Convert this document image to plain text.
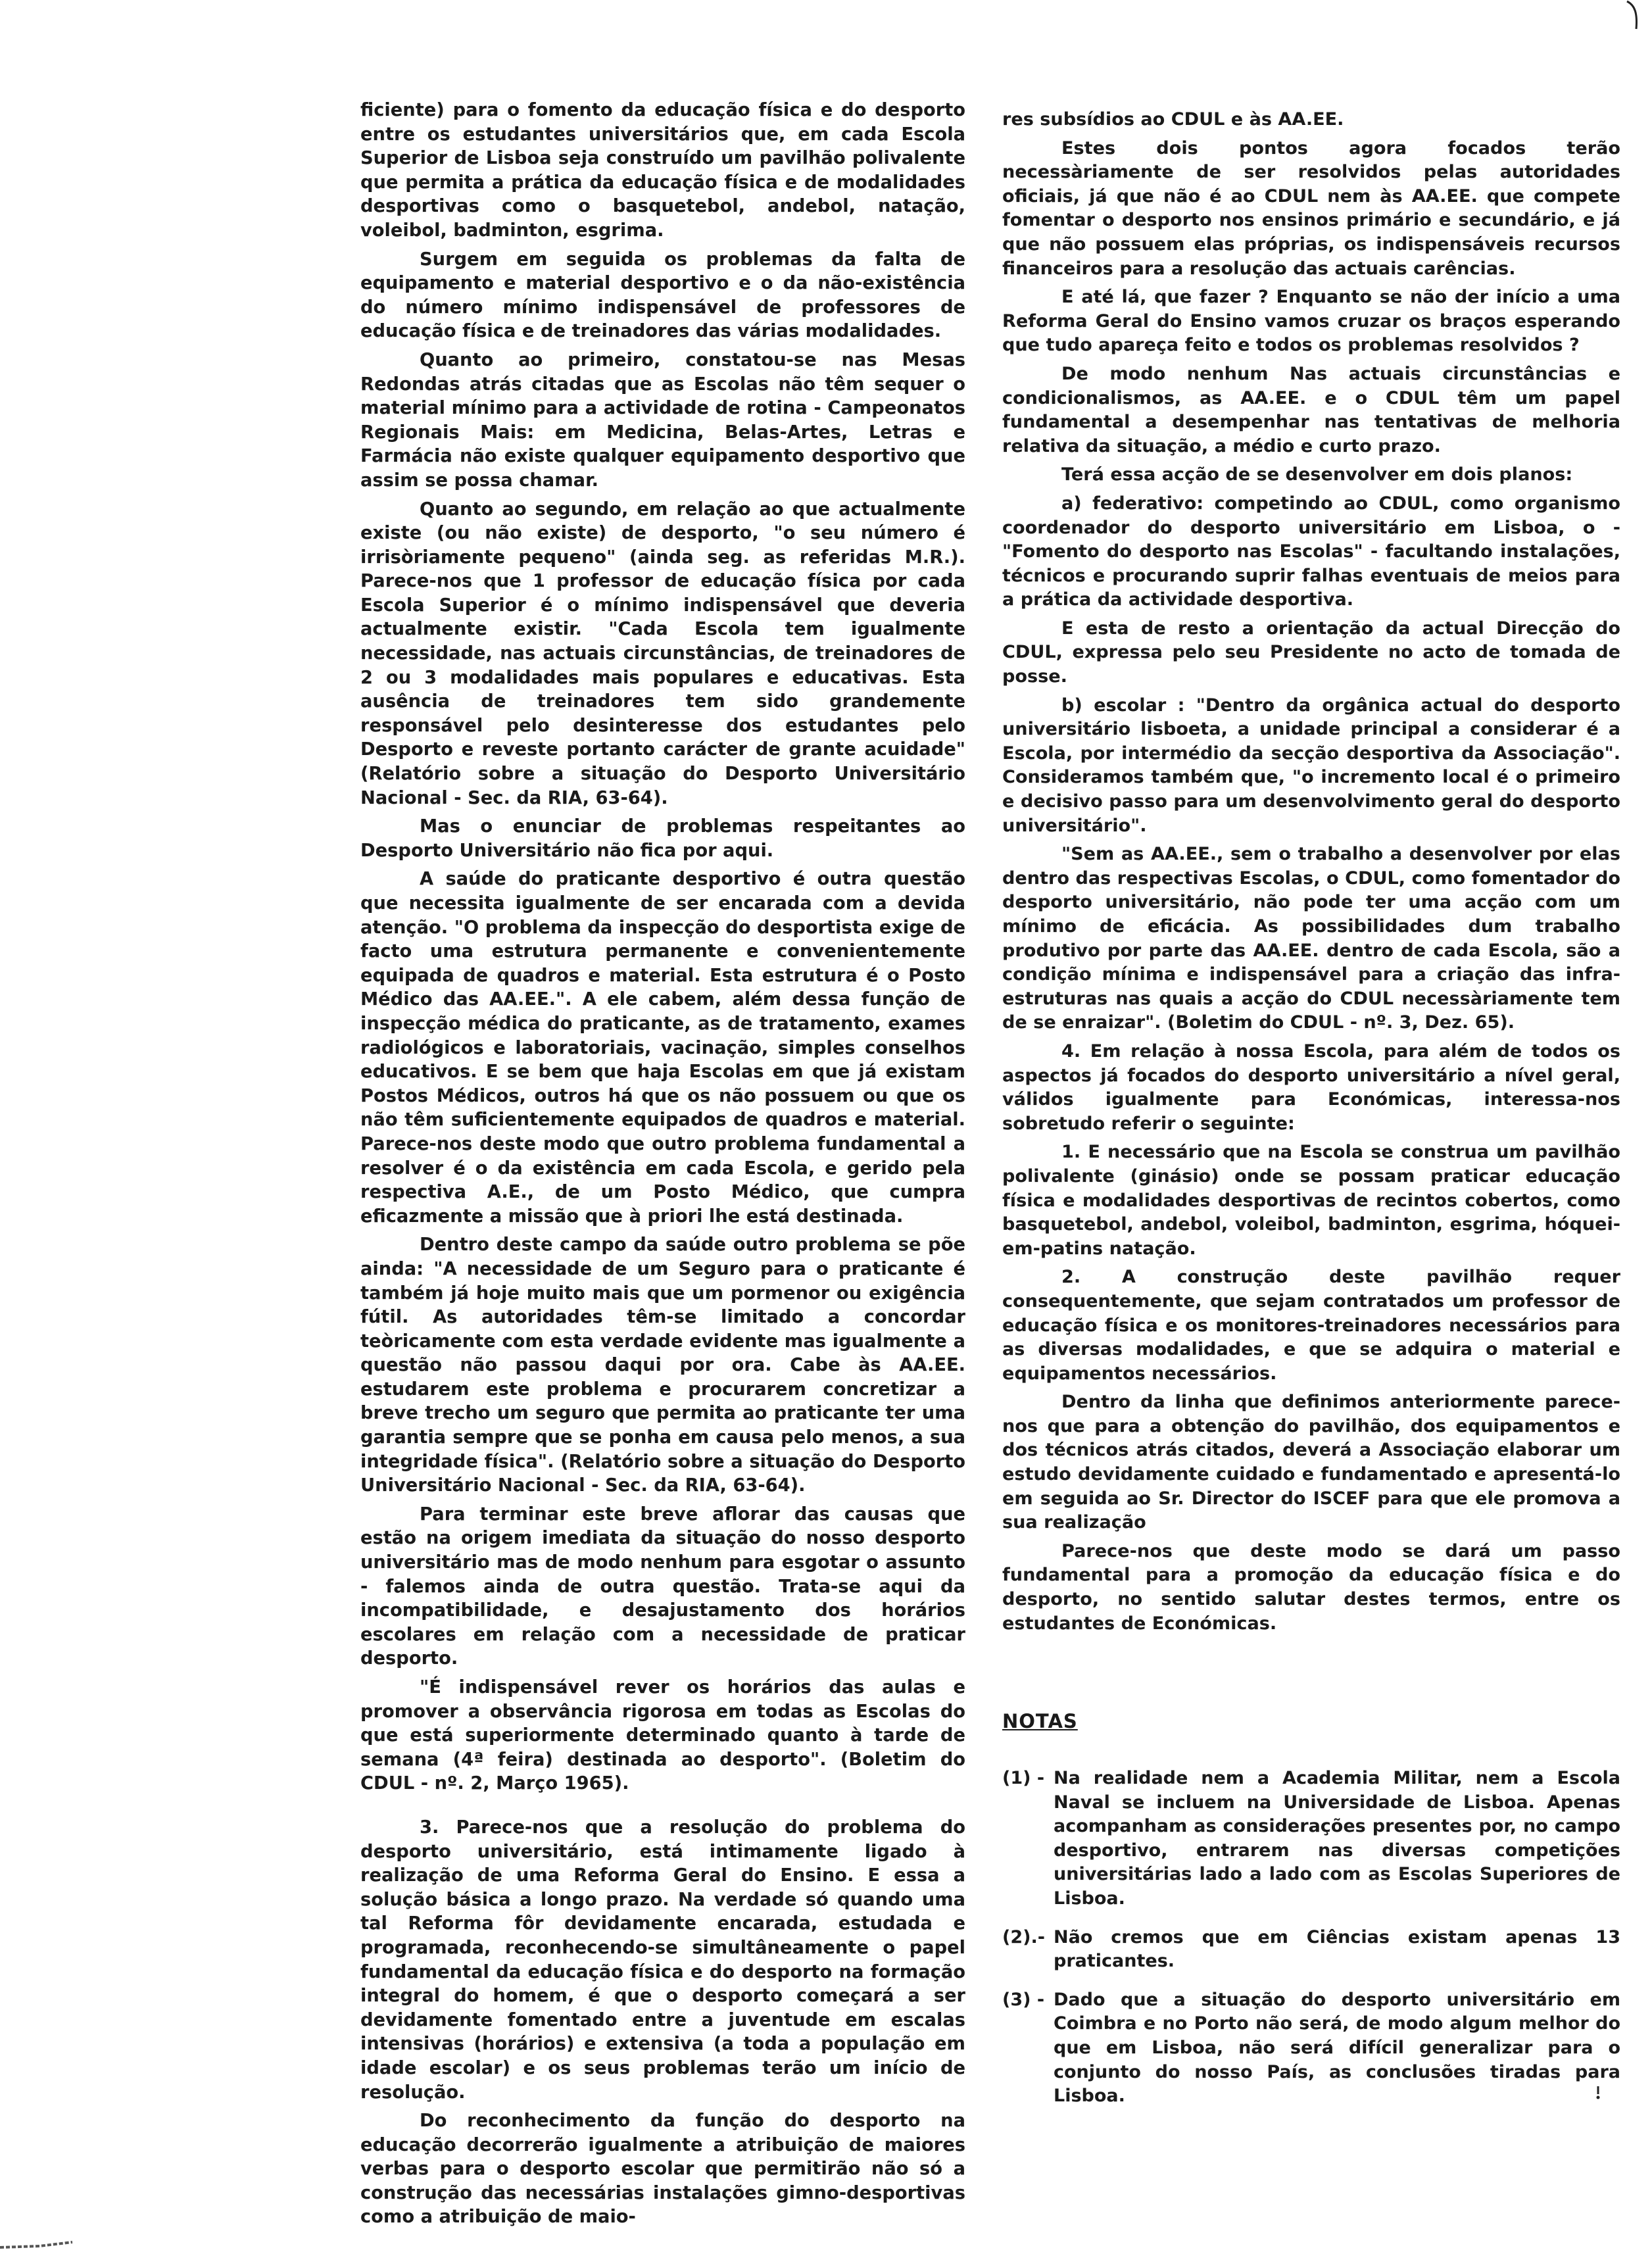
ficiente) para o fomento da educação física e do desporto entre os estudantes universitários que, em cada Escola Superior de Lisboa seja construído um pavilhão polivalente que permita a prática da educação física e de modalidades desportivas como o basquetebol, andebol, natação, voleibol, badminton, esgrima.

Surgem em seguida os problemas da falta de equipamento e material desportivo e o da não-existência do número mínimo indispensável de professores de educação física e de treinadores das várias modalidades.

Quanto ao primeiro, constatou-se nas Mesas Redondas atrás citadas que as Escolas não têm sequer o material mínimo para a actividade de rotina - Campeonatos Regionais Mais: em Medicina, Belas-Artes, Letras e Farmácia não existe qualquer equipamento desportivo que assim se possa chamar.

Quanto ao segundo, em relação ao que actualmente existe (ou não existe) de desporto, "o seu número é irrisòriamente pequeno" (ainda seg. as referidas M.R.). Parece-nos que 1 professor de educação física por cada Escola Superior é o mínimo indispensável que deveria actualmente existir. "Cada Escola tem igualmente necessidade, nas actuais circunstâncias, de treinadores de 2 ou 3 modalidades mais populares e educativas. Esta ausência de treinadores tem sido grandemente responsável pelo desinteresse dos estudantes pelo Desporto e reveste portanto carácter de grante acuidade" (Relatório sobre a situação do Desporto Universitário Nacional - Sec. da RIA, 63-64).

Mas o enunciar de problemas respeitantes ao Desporto Universitário não fica por aqui.

A saúde do praticante desportivo é outra questão que necessita igualmente de ser encarada com a devida atenção. "O problema da inspecção do desportista exige de facto uma estrutura permanente e convenientemente equipada de quadros e material. Esta estrutura é o Posto Médico das AA.EE.". A ele cabem, além dessa função de inspecção médica do praticante, as de tratamento, exames radiológicos e laboratoriais, vacinação, simples conselhos educativos. E se bem que haja Escolas em que já existam Postos Médicos, outros há que os não possuem ou que os não têm suficientemente equipados de quadros e material. Parece-nos deste modo que outro problema fundamental a resolver é o da existência em cada Escola, e gerido pela respectiva A.E., de um Posto Médico, que cumpra eficazmente a missão que à priori lhe está destinada.

Dentro deste campo da saúde outro problema se põe ainda: "A necessidade de um Seguro para o praticante é também já hoje muito mais que um pormenor ou exigência fútil. As autoridades têm-se limitado a concordar teòricamente com esta verdade evidente mas igualmente a questão não passou daqui por ora. Cabe às AA.EE. estudarem este problema e procurarem concretizar a breve trecho um seguro que permita ao praticante ter uma garantia sempre que se ponha em causa pelo menos, a sua integridade física". (Relatório sobre a situação do Desporto Universitário Nacional - Sec. da RIA, 63-64).

Para terminar este breve aflorar das causas que estão na origem imediata da situação do nosso desporto universitário mas de modo nenhum para esgotar o assunto - falemos ainda de outra questão. Trata-se aqui da incompatibilidade, e desajustamento dos horários escolares em relação com a necessidade de praticar desporto.

"É indispensável rever os horários das aulas e promover a observância rigorosa em todas as Escolas do que está superiormente determinado quanto à tarde de semana (4ª feira) destinada ao desporto". (Boletim do CDUL - nº. 2, Março 1965).

3. Parece-nos que a resolução do problema do desporto universitário, está intimamente ligado à realização de uma Reforma Geral do Ensino. E essa a solução básica a longo prazo. Na verdade só quando uma tal Reforma fôr devidamente encarada, estudada e programada, reconhecendo-se simultâneamente o papel fundamental da educação física e do desporto na formação integral do homem, é que o desporto começará a ser devidamente fomentado entre a juventude em escalas intensivas (horários) e extensiva (a toda a população em idade escolar) e os seus problemas terão um início de resolução.

Do reconhecimento da função do desporto na educação decorrerão igualmente a atribuição de maiores verbas para o desporto escolar que permitirão não só a construção das necessárias instalações gimno-desportivas como a atribuição de maio-

res subsídios ao CDUL e às AA.EE.

Estes dois pontos agora focados terão necessàriamente de ser resolvidos pelas autoridades oficiais, já que não é ao CDUL nem às AA.EE. que compete fomentar o desporto nos ensinos primário e secundário, e já que não possuem elas próprias, os indispensáveis recursos financeiros para a resolução das actuais carências.

E até lá, que fazer ? Enquanto se não der início a uma Reforma Geral do Ensino vamos cruzar os braços esperando que tudo apareça feito e todos os problemas resolvidos ?

De modo nenhum Nas actuais circunstâncias e condicionalismos, as AA.EE. e o CDUL têm um papel fundamental a desempenhar nas tentativas de melhoria relativa da situação, a médio e curto prazo.

Terá essa acção de se desenvolver em dois planos:

a) federativo: competindo ao CDUL, como organismo coordenador do desporto universitário em Lisboa, o - "Fomento do desporto nas Escolas" - facultando instalações, técnicos e procurando suprir falhas eventuais de meios para a prática da actividade desportiva.

E esta de resto a orientação da actual Direcção do CDUL, expressa pelo seu Presidente no acto de tomada de posse.

b) escolar : "Dentro da orgânica actual do desporto universitário lisboeta, a unidade principal a considerar é a Escola, por intermédio da secção desportiva da Associação". Consideramos também que, "o incremento local é o primeiro e decisivo passo para um desenvolvimento geral do desporto universitário".

"Sem as AA.EE., sem o trabalho a desenvolver por elas dentro das respectivas Escolas, o CDUL, como fomentador do desporto universitário, não pode ter uma acção com um mínimo de eficácia. As possibilidades dum trabalho produtivo por parte das AA.EE. dentro de cada Escola, são a condição mínima e indispensável para a criação das infra-estruturas nas quais a acção do CDUL necessàriamente tem de se enraizar". (Boletim do CDUL - nº. 3, Dez. 65).

4. Em relação à nossa Escola, para além de todos os aspectos já focados do desporto universitário a nível geral, válidos igualmente para Económicas, interessa-nos sobretudo referir o seguinte:

1. E necessário que na Escola se construa um pavilhão polivalente (ginásio) onde se possam praticar educação física e modalidades desportivas de recintos cobertos, como basquetebol, andebol, voleibol, badminton, esgrima, hóquei-em-patins natação.

2. A construção deste pavilhão requer consequentemente, que sejam contratados um professor de educação física e os monitores-treinadores necessários para as diversas modalidades, e que se adquira o material e equipamentos necessários.

Dentro da linha que definimos anteriormente parece-nos que para a obtenção do pavilhão, dos equipamentos e dos técnicos atrás citados, deverá a Associação elaborar um estudo devidamente cuidado e fundamentado e apresentá-lo em seguida ao Sr. Director do ISCEF para que ele promova a sua realização

Parece-nos que deste modo se dará um passo fundamental para a promoção da educação física e do desporto, no sentido salutar destes termos, entre os estudantes de Económicas.

NOTAS
(1) - Na realidade nem a Academia Militar, nem a Escola Naval se incluem na Universidade de Lisboa. Apenas acompanham as considerações presentes por, no campo desportivo, entrarem nas diversas competições universitárias lado a lado com as Escolas Superiores de Lisboa.
(2).- Não cremos que em Ciências existam apenas 13 praticantes.
(3) - Dado que a situação do desporto universitário em Coimbra e no Porto não será, de modo algum melhor do que em Lisboa, não será difícil generalizar para o conjunto do nosso País, as conclusões tiradas para Lisboa.
